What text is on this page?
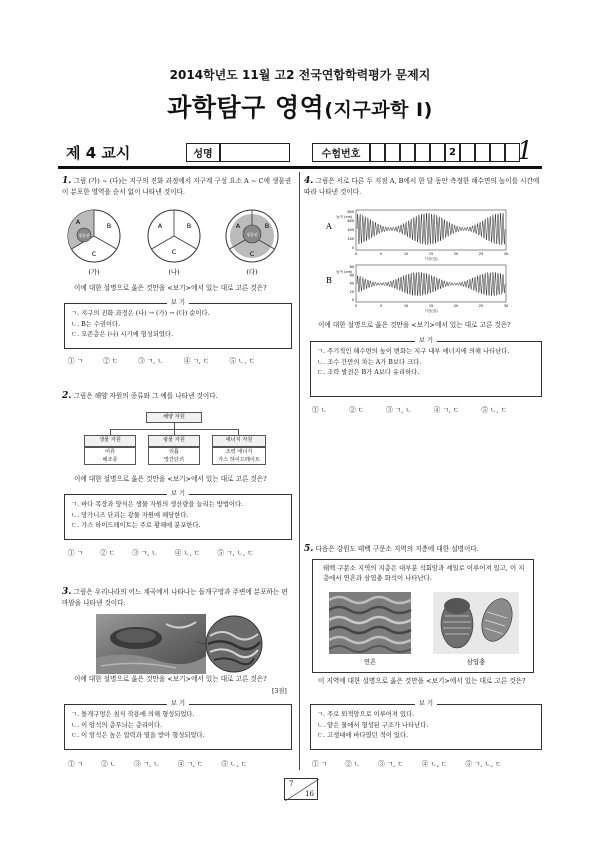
2014학년도 11월 고2 전국연합학력평가 문제지
과학탐구 영역(지구과학 Ⅰ)
제 4 교시	성명	수험번호	2 1
1. 그림 (가) ~ (다)는 지구의 진화 과정에서 지구계 구성 요소 A ~ C에 생물권이 분포한 영역을 순서 없이 나타낸 것이다.
생물권
A	B
C
(가)
A	B
C
(나)
생물권
A	B
C
(다)
이에 대한 설명으로 옳은 것만을 <보기>에서 있는 대로 고른 것은?
보 기
ㄱ. 지구의 진화 과정은 (나) → (가) → (다) 순이다.
ㄴ. B는 수권이다.
ㄷ. 오존층은 (나) 시기에 형성되었다.
① ㄱ	② ㄷ	③ ㄱ, ㄴ	④ ㄱ, ㄷ	⑤ ㄴ, ㄷ
2. 그림은 해양 자원의 종류와 그 예를 나타낸 것이다.
해양 자원
생물 자원	광물 자원	에너지 자원
어류
해조류
리튬
망간단괴
조력 에너지
가스 하이드레이트
이에 대한 설명으로 옳은 것만을 <보기>에서 있는 대로 고른 것은?
보 기
ㄱ. 바다 목장과 양식은 생물 자원의 생산량을 늘리는 방법이다.
ㄴ. 망가니즈 단괴는 광물 자원에 해당한다.
ㄷ. 가스 하이드레이트는 주로 황해에 분포한다.
① ㄱ	② ㄷ	③ ㄱ, ㄴ	④ ㄴ, ㄷ	⑤ ㄱ, ㄴ, ㄷ
3. 그림은 우리나라의 어느 계곡에서 나타나는 돌개구멍과 주변에 분포하는 편마암을 나타낸 것이다.
이에 대한 설명으로 옳은 것만을 <보기>에서 있는 대로 고른 것은?
[3점]
보 기
ㄱ. 돌개구멍은 침식 작용에 의해 형성되었다.
ㄴ. 이 암석의 층무늬는 층리이다.
ㄷ. 이 암석은 높은 압력과 열을 받아 형성되었다.
① ㄱ	② ㄴ	③ ㄱ, ㄴ	④ ㄱ, ㄷ	⑤ ㄴ, ㄷ
4. 그림은 서로 다른 두 지점 A, B에서 한 달 동안 측정한 해수면의 높이를 시간에 따라 나타낸 것이다.
A
높이 (cm)
800
600
400
200
0
0	5	10	15	20	25	30
시간(일)
B
높이 (cm)
80
60
40
20
0
0	5	10	15	20	25	30
시간(일)
이에 대한 설명으로 옳은 것만을 <보기>에서 있는 대로 고른 것은?
보 기
ㄱ. 주기적인 해수면의 높이 변화는 지구 내부 에너지에 의해 나타난다.
ㄴ. 조수 간만의 차는 A가 B보다 크다.
ㄷ. 조력 발전은 B가 A보다 유리하다.
① ㄴ	② ㄷ	③ ㄱ, ㄴ	④ ㄱ, ㄷ	⑤ ㄴ, ㄷ
5. 다음은 강원도 태백 구문소 지역의 지층에 대한 설명이다.
태백 구문소 지역의 지층은 대부분 석회암과 셰일로 이루어져 있고, 이 지층에서 연흔과 삼엽충 화석이 나타난다.
연흔	삼엽충
이 지역에 대한 설명으로 옳은 것만을 <보기>에서 있는 대로 고른 것은?
보 기
ㄱ. 주로 퇴적암으로 이루어져 있다.
ㄴ. 얕은 물에서 형성된 구조가 나타난다.
ㄷ. 고생대에 바다였던 적이 있다.
① ㄱ	② ㄴ	③ ㄱ, ㄷ	④ ㄴ, ㄷ	⑤ ㄱ, ㄴ, ㄷ
7
16
